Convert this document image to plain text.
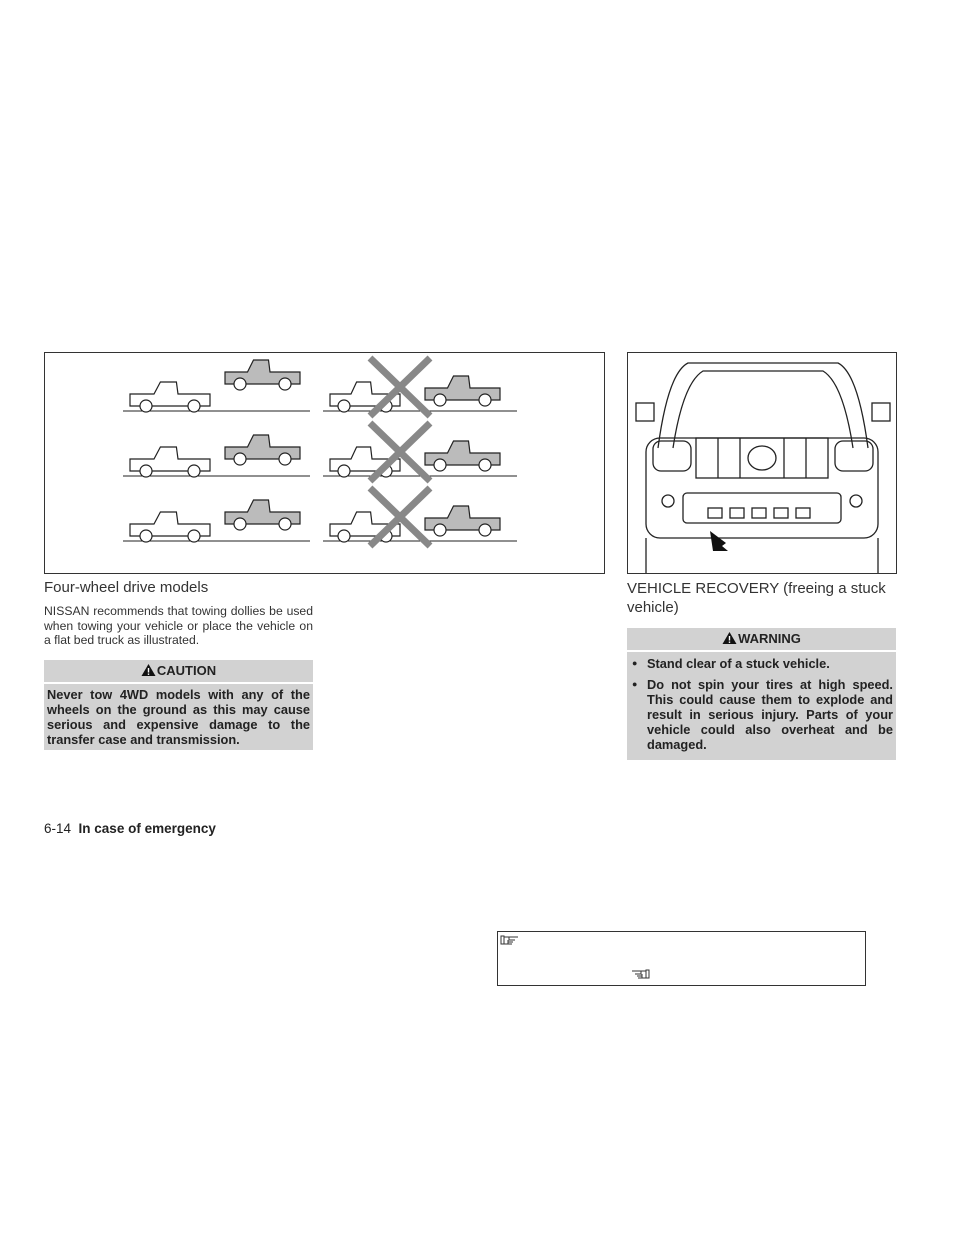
Four-wheel drive models
NISSAN recommends that towing dollies be used when towing your vehicle or place the vehicle on a flat bed truck as illustrated.
CAUTION
Never tow 4WD models with any of the wheels on the ground as this may cause serious and expensive damage to the transfer case and transmission.
VEHICLE RECOVERY (freeing a stuck vehicle)
WARNING
● Stand clear of a stuck vehicle.
● Do not spin your tires at high speed. This could cause them to explode and result in serious injury. Parts of your vehicle could also overheat and be damaged.
6-14 In case of emergency
